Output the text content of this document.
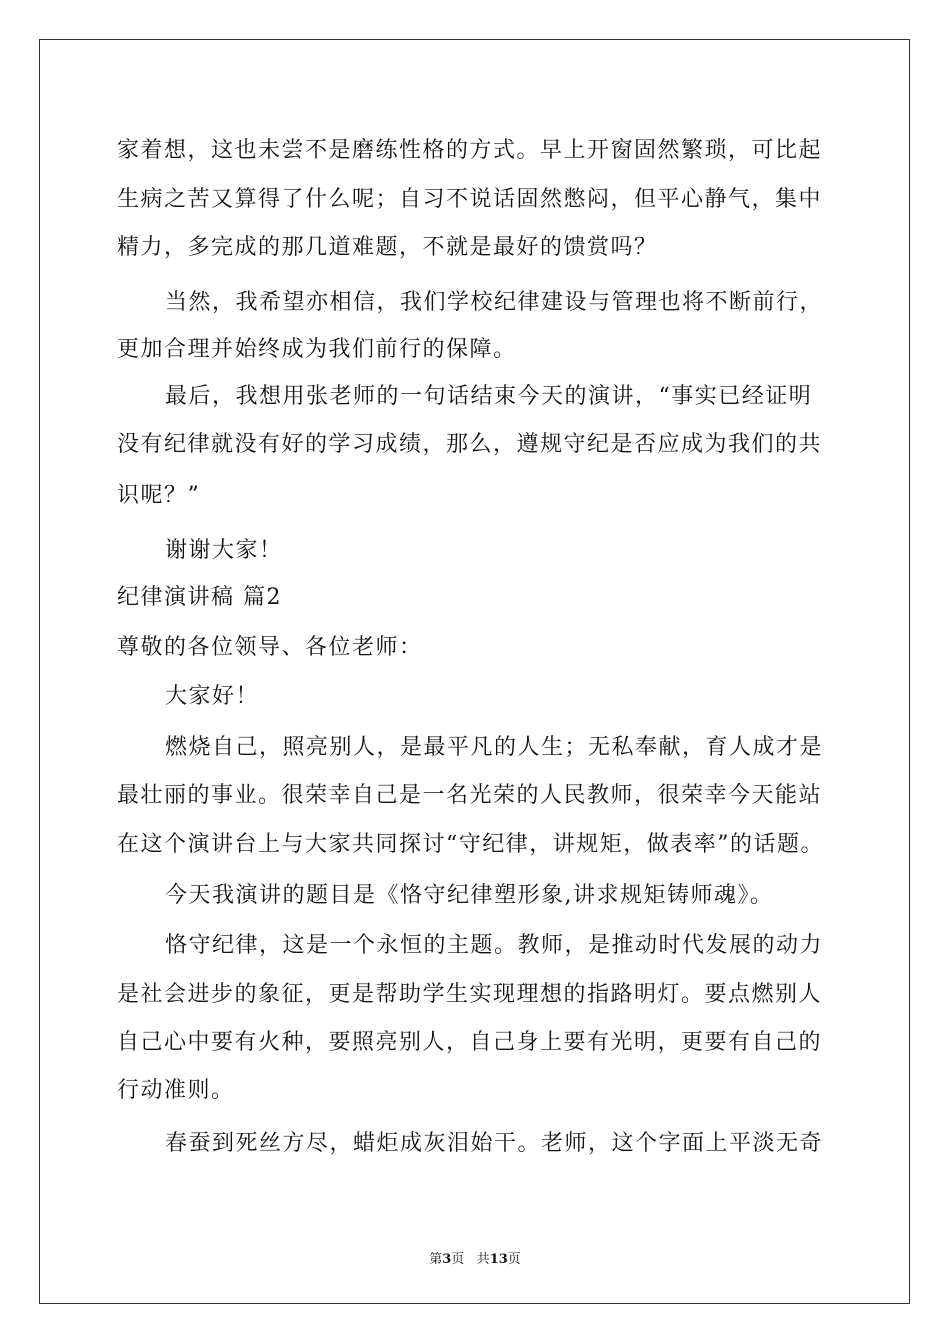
家着想，这也未尝不是磨练性格的方式。早上开窗固然繁琐，可比起
生病之苦又算得了什么呢；自习不说话固然憋闷，但平心静气，集中
精力，多完成的那几道难题，不就是最好的馈赏吗？
当然，我希望亦相信，我们学校纪律建设与管理也将不断前行，
更加合理并始终成为我们前行的保障。
最后，我想用张老师的一句话结束今天的演讲，“事实已经证明
没有纪律就没有好的学习成绩，那么，遵规守纪是否应成为我们的共
识呢？”
谢谢大家！
纪律演讲稿 篇2
尊敬的各位领导、各位老师：
大家好！
燃烧自己，照亮别人，是最平凡的人生；无私奉献，育人成才是
最壮丽的事业。很荣幸自己是一名光荣的人民教师，很荣幸今天能站
在这个演讲台上与大家共同探讨“守纪律，讲规矩，做表率”的话题。
今天我演讲的题目是《恪守纪律塑形象,讲求规矩铸师魂》。
恪守纪律，这是一个永恒的主题。教师，是推动时代发展的动力
是社会进步的象征，更是帮助学生实现理想的指路明灯。要点燃别人
自己心中要有火种，要照亮别人，自己身上要有光明，更要有自己的
行动准则。
春蚕到死丝方尽，蜡炬成灰泪始干。老师，这个字面上平淡无奇
第3页 共13页
